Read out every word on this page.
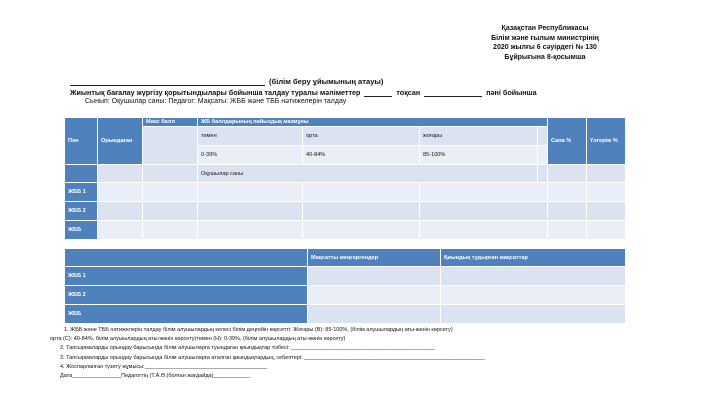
Қазақстан Республикасы
Білім және ғылым министрінің
2020 жылғы 6 сәуірдегі № 130
Бұйрығына 8-қосымша
(білім беру ұйымының атауы)
Жиынтық бағалау жүргізу қорытындылары бойынша талдау туралы мәліметтер	тоқсан	пәні бойынша
Сынып: Оқушылар саны: Педагог: Мақсаты: ЖББ және ТББ нәтижелерін талдау
Пән	Орындаған	Макс балл	ЖБ баллдарының пайыздық мазмұны				Сапа %	Үлгерім %
			төмен	орта	жоғары			
			0-39%	40-84%	85-100%			
			Оқушылар саны					
ЖББ 1								
ЖББ 2								
ЖББ								
	Мақсатты меңгергендер	Қиындық тудырған мақсаттар
ЖББ 1		
ЖББ 2		
ЖББ		
1. ЖББ және ТББ нәтижелерін талдау білім алушылардың келесі білім деңгейін көрсетті: Жоғары (В): 85-100%, (білім алушылардың аты-жөнін көрсету)
орта (С): 40-84%, білім алушылардың аты-жөнін көрсету)төмен (Н): 0-39%, (білім алушылардың аты-жөнін көрсету)
2. Тапсырмаларды орындау барысында білім алушыларға туындаған қиындықтар тізбесі: _______________________________________________
3. Тапсырмаларды орындау барысында білім алушыларға аталған қиындықтардың, себептері: ___________________________________________________________
4. Жоспарланған түзету жұмысы:________________________________________
Дата________________Педагогтің (Т.А.Ә.(болған жағдайда)____________
